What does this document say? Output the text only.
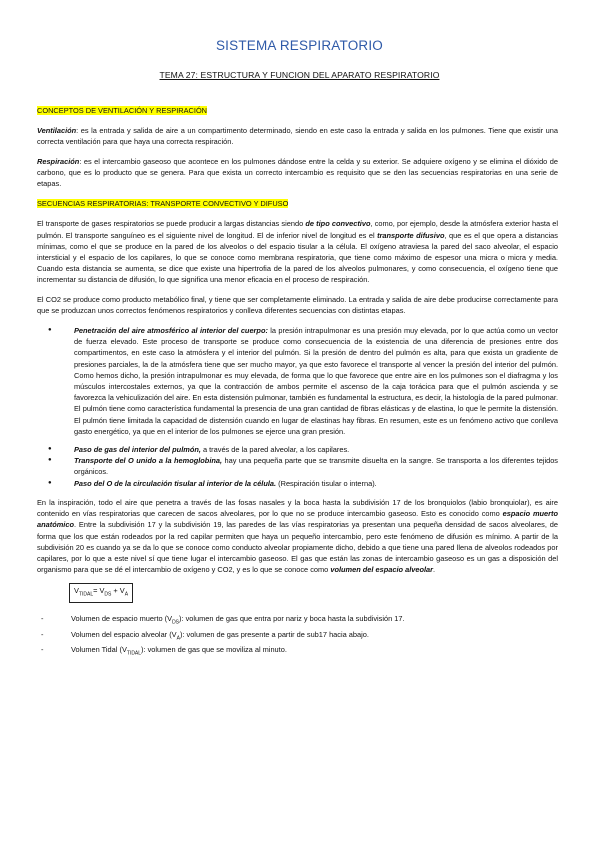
SISTEMA RESPIRATORIO
TEMA 27: ESTRUCTURA Y FUNCION DEL APARATO RESPIRATORIO

CONCEPTOS DE VENTILACIÓN Y RESPIRACIÓN

Ventilación: es la entrada y salida de aire a un compartimento determinado, siendo en este caso la entrada y salida en los pulmones. Tiene que existir una correcta ventilación para que haya una correcta respiración.

Respiración: es el intercambio gaseoso que acontece en los pulmones dándose entre la celda y su exterior. Se adquiere oxígeno y se elimina el dióxido de carbono, que es lo producto que se genera. Para que exista un correcto intercambio es requisito que se den las secuencias respiratorias en una serie de etapas.

SECUENCIAS RESPIRATORIAS: TRANSPORTE CONVECTIVO Y DIFUSO

El transporte de gases respiratorios se puede producir a largas distancias siendo de tipo convectivo, como, por ejemplo, desde la atmósfera exterior hasta el pulmón. El transporte sanguíneo es el siguiente nivel de longitud. El de inferior nivel de longitud es el transporte difusivo, que es el que opera a distancias mínimas, como el que se produce en la pared de los alveolos o del espacio tisular a la célula. El oxígeno atraviesa la pared del saco alveolar, el espacio intersticial y el espacio de los capilares, lo que se conoce como membrana respiratoria, que tiene como máximo de espesor una micra o micra y media. Cuando esta distancia se aumenta, se dice que existe una hipertrofia de la pared de los alveolos pulmonares, y como consecuencia, el oxígeno tiene que incrementar su distancia de difusión, lo que significa una menor eficacia en el proceso de respiración.

El CO2 se produce como producto metabólico final, y tiene que ser completamente eliminado. La entrada y salida de aire debe producirse correctamente para que se produzcan unos correctos fenómenos respiratorios y conlleva diferentes secuencias con distintas etapas.

● Penetración del aire atmosférico al interior del cuerpo: la presión intrapulmonar es una presión muy elevada, por lo que actúa como un vector de fuerza elevado. Este proceso de transporte se produce como consecuencia de la existencia de una diferencia de presiones entre dos compartimentos, en este caso la atmósfera y el interior del pulmón. Si la presión de dentro del pulmón es alta, para que exista un gradiente de presiones parciales, la de la atmósfera tiene que ser mucho mayor, ya que esto favorece el transporte al vencer la presión del interior del pulmón. Como hemos dicho, la presión intrapulmonar es muy elevada, de forma que lo que favorece que entre aire en los pulmones son el diafragma y los músculos intercostales externos, ya que la contracción de ambos permite el ascenso de la caja torácica para que el pulmón ascienda y se favorezca la vehiculización del aire. En esta distensión pulmonar, también es fundamental la estructura, es decir, la histología de la pared pulmonar. El pulmón tiene como característica fundamental la presencia de una gran cantidad de fibras elásticas y de elastina, lo que le permite la distensión. El pulmón tiene limitada la capacidad de distensión cuando en lugar de elastinas hay fibras. En resumen, este es un fenómeno activo que conlleva gasto energético, ya que en el interior de los pulmones se ejerce una gran presión.
● Paso de gas del interior del pulmón, a través de la pared alveolar, a los capilares.
● Transporte del O unido a la hemoglobina, hay una pequeña parte que se transmite disuelta en la sangre. Se transporta a los diferentes tejidos orgánicos.
● Paso del O de la circulación tisular al interior de la célula. (Respiración tisular o interna).

En la inspiración, todo el aire que penetra a través de las fosas nasales y la boca hasta la subdivisión 17 de los bronquiolos (labio bronquiolar), es aire contenido en vías respiratorias que carecen de sacos alveolares, por lo que no se produce intercambio gaseoso. Esto es conocido como espacio muerto anatómico. Entre la subdivisión 17 y la subdivisión 19, las paredes de las vías respiratorias ya presentan una pequeña densidad de sacos alveolares, de forma que los que están rodeados por la red capilar permiten que haya un pequeño intercambio, pero este fenómeno de difusión es mínimo. A partir de la subdivisión 20 es cuando ya se da lo que se conoce como conducto alveolar propiamente dicho, debido a que tiene una pared llena de alveolos rodeados por capilares, por lo que a este nivel sí que tiene lugar el intercambio gaseoso. El gas que están las zonas de intercambio gaseoso es un gas a disposición del organismo para que se dé el intercambio de oxígeno y CO2, y es lo que se conoce como volumen del espacio alveolar.

$V_{TIDAL}= V_{DS} + V_A$
- Volumen de espacio muerto $(V_{DS})$: volumen de gas que entra por nariz y boca hasta la subdivisión 17.
- Volumen del espacio alveolar $(V_A)$: volumen de gas presente a partir de sub17 hacia abajo.
- Volumen Tidal $(V_{TIDAL})$: volumen de gas que se moviliza al minuto.
